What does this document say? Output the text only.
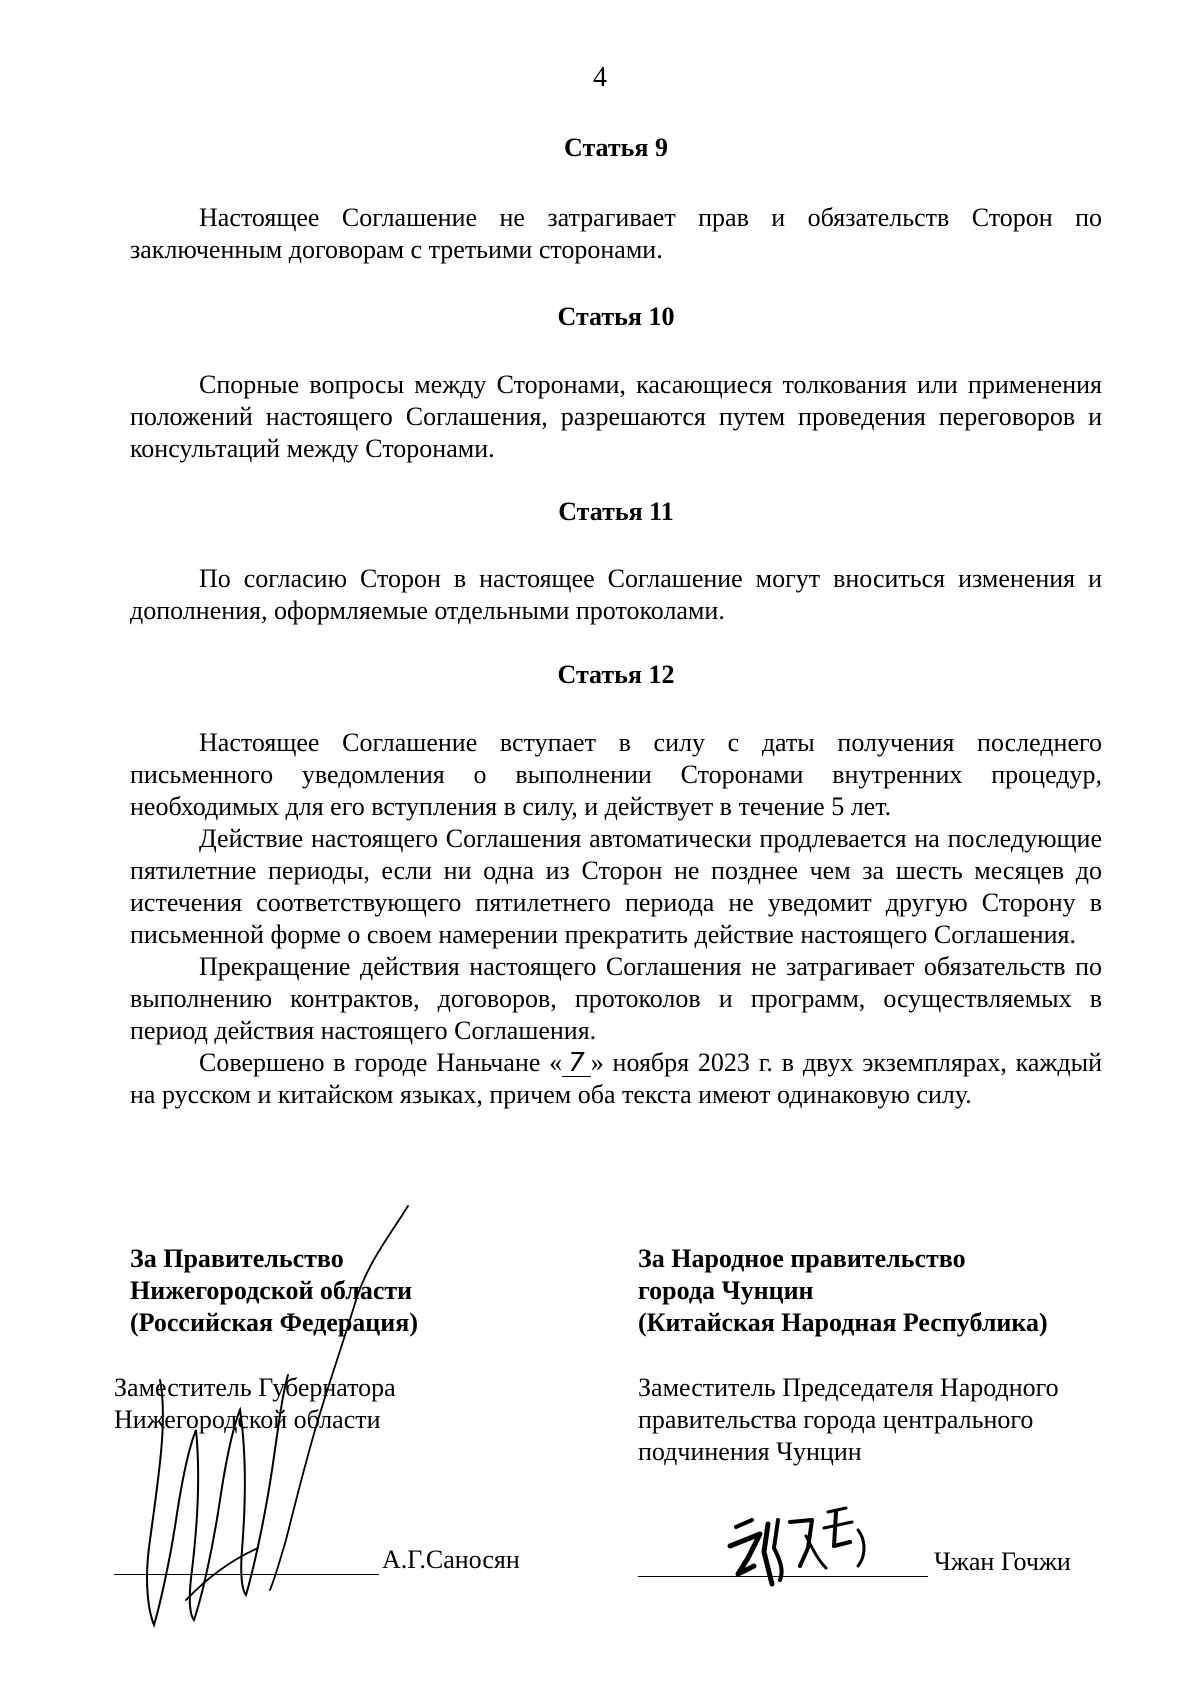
4
Статья 9

Настоящее Соглашение не затрагивает прав и обязательств Сторон по заключенным договорам с третьими сторонами.

Статья 10

Спорные вопросы между Сторонами, касающиеся толкования или применения положений настоящего Соглашения, разрешаются путем проведения переговоров и консультаций между Сторонами.

Статья 11

По согласию Сторон в настоящее Соглашение могут вноситься изменения и дополнения, оформляемые отдельными протоколами.

Статья 12

Настоящее Соглашение вступает в силу с даты получения последнего письменного уведомления о выполнении Сторонами внутренних процедур, необходимых для его вступления в силу, и действует в течение 5 лет.

Действие настоящего Соглашения автоматически продлевается на последующие пятилетние периоды, если ни одна из Сторон не позднее чем за шесть месяцев до истечения соответствующего пятилетнего периода не уведомит другую Сторону в письменной форме о своем намерении прекратить действие настоящего Соглашения.

Прекращение действия настоящего Соглашения не затрагивает обязательств по выполнению контрактов, договоров, протоколов и программ, осуществляемых в период действия настоящего Соглашения.

Совершено в городе Наньчане « 7 » ноября 2023 г. в двух экземплярах, каждый на русском и китайском языках, причем оба текста имеют одинаковую силу.

За Правительство

Нижегородской области

(Российская Федерация)

Заместитель Губернатора

Нижегородской области

А.Г.Саносян

За Народное правительство

города Чунцин

(Китайская Народная Республика)

Заместитель Председателя Народного

правительства города центрального

подчинения Чунцин

Чжан Гочжи
